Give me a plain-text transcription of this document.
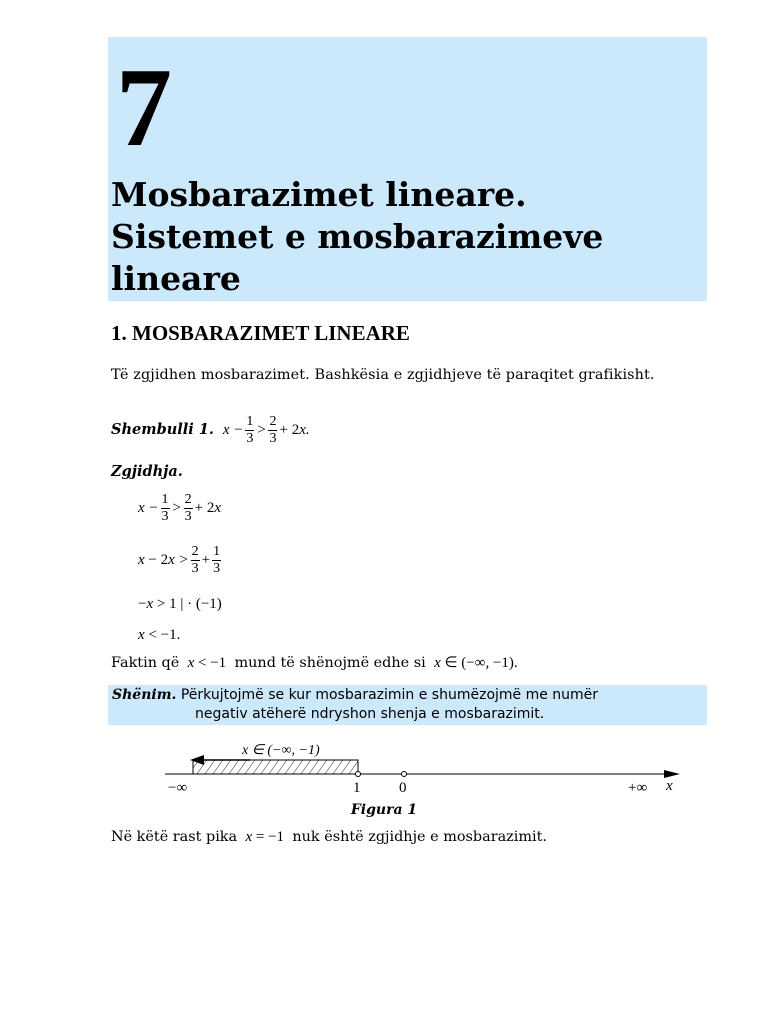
7
Mosbarazimet lineare.
Sistemet e mosbarazimeve
lineare
1. MOSBARAZIMET LINEARE
Të zgjidhen mosbarazimet. Bashkësia e zgjidhjeve të paraqitet grafikisht.
Shembulli 1.  $x - \frac{1}{3} > \frac{2}{3} + 2x$.
Zgjidhja.
$x - \frac{1}{3} > \frac{2}{3} + 2x$
$x - 2x > \frac{2}{3} + \frac{1}{3}$
−x > 1 | · (−1)
x < −1.
Faktin që  x < −1 mund të shënojmë edhe si  x ∈ (−∞, −1).
Shënim. Përkujtojmë se kur mosbarazimin e shumëzojmë me numër
negativ atëherë ndryshon shenja e mosbarazimit.
x ∈ (−∞, −1)
−∞	1	0	+∞ x
Figura 1
Në këtë rast pika  x = −1 nuk është zgjidhje e mosbarazimit.
